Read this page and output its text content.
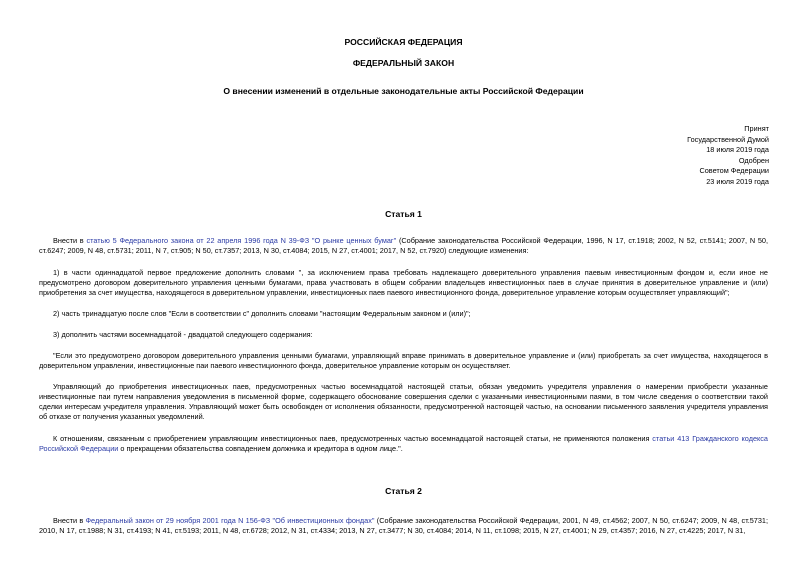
РОССИЙСКАЯ ФЕДЕРАЦИЯ
ФЕДЕРАЛЬНЫЙ ЗАКОН
О внесении изменений в отдельные законодательные акты Российской Федерации
Принят
Государственной Думой
18 июля 2019 года
Одобрен
Советом Федерации
23 июля 2019 года
Статья 1

Внести в статью 5 Федерального закона от 22 апреля 1996 года N 39-ФЗ "О рынке ценных бумаг" (Собрание законодательства Российской Федерации, 1996, N 17, ст.1918; 2002, N 52, ст.5141; 2007, N 50, ст.6247; 2009, N 48, ст.5731; 2011, N 7, ст.905; N 50, ст.7357; 2013, N 30, ст.4084; 2015, N 27, ст.4001; 2017, N 52, ст.7920) следующие изменения:

1) в части одиннадцатой первое предложение дополнить словами ", за исключением права требовать надлежащего доверительного управления паевым инвестиционным фондом и, если иное не предусмотрено договором доверительного управления ценными бумагами, права участвовать в общем собрании владельцев инвестиционных паев в случае принятия в доверительное управление и (или) приобретения за счет имущества, находящегося в доверительном управлении, инвестиционных паев паевого инвестиционного фонда, доверительное управление которым осуществляет управляющий";

2) часть тринадцатую после слов "Если в соответствии с" дополнить словами "настоящим Федеральным законом и (или)";

3) дополнить частями восемнадцатой - двадцатой следующего содержания:

"Если это предусмотрено договором доверительного управления ценными бумагами, управляющий вправе принимать в доверительное управление и (или) приобретать за счет имущества, находящегося в доверительном управлении, инвестиционные паи паевого инвестиционного фонда, доверительное управление которым он осуществляет.

Управляющий до приобретения инвестиционных паев, предусмотренных частью восемнадцатой настоящей статьи, обязан уведомить учредителя управления о намерении приобрести указанные инвестиционные паи путем направления уведомления в письменной форме, содержащего обоснование совершения сделки с указанными инвестиционными паями, в том числе сведения о соответствии такой сделки интересам учредителя управления. Управляющий может быть освобожден от исполнения обязанности, предусмотренной настоящей частью, на основании письменного заявления учредителя управления об отказе от получения указанных уведомлений.

К отношениям, связанным с приобретением управляющим инвестиционных паев, предусмотренных частью восемнадцатой настоящей статьи, не применяются положения статьи 413 Гражданского кодекса Российской Федерации о прекращении обязательства совпадением должника и кредитора в одном лице.".

Статья 2

Внести в Федеральный закон от 29 ноября 2001 года N 156-ФЗ "Об инвестиционных фондах" (Собрание законодательства Российской Федерации, 2001, N 49, ст.4562; 2007, N 50, ст.6247; 2009, N 48, ст.5731; 2010, N 17, ст.1988; N 31, ст.4193; N 41, ст.5193; 2011, N 48, ст.6728; 2012, N 31, ст.4334; 2013, N 27, ст.3477; N 30, ст.4084; 2014, N 11, ст.1098; 2015, N 27, ст.4001; N 29, ст.4357; 2016, N 27, ст.4225; 2017, N 31,
